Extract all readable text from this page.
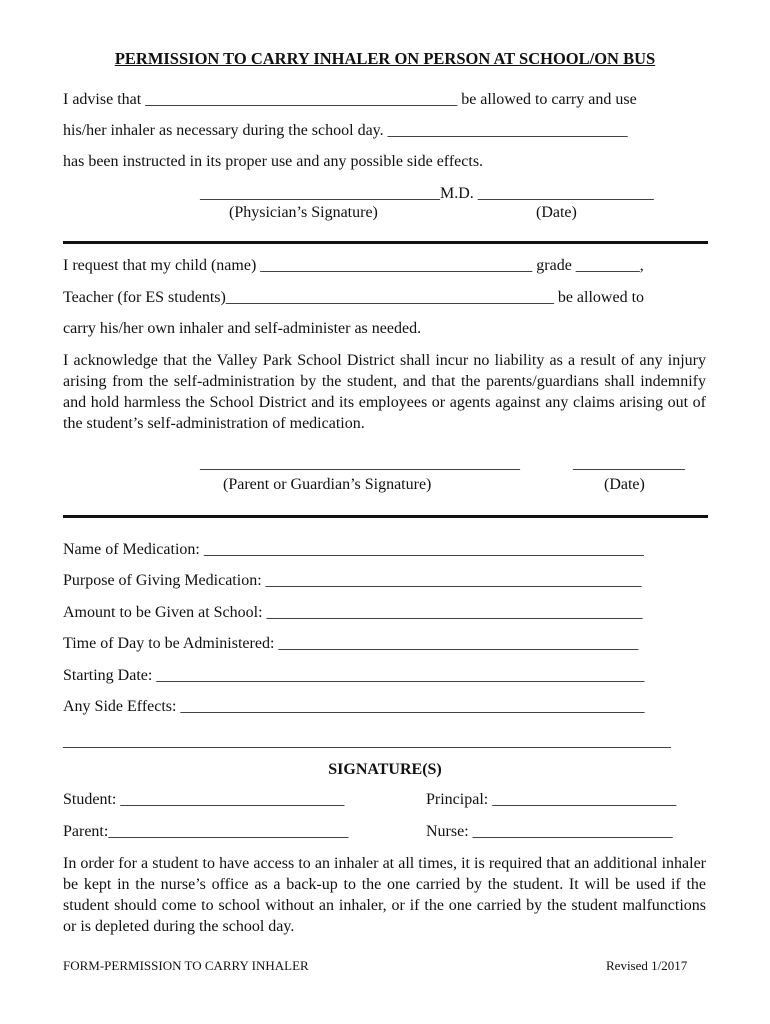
PERMISSION TO CARRY INHALER ON PERSON AT SCHOOL/ON BUS
I advise that _______________________________________ be allowed to carry and use
his/her inhaler as necessary during the school day. ______________________________
has been instructed in its proper use and any possible side effects.
______________________________M.D. ______________________
(Physician’s Signature)	(Date)
I request that my child (name) __________________________________ grade ________,
Teacher (for ES students)_________________________________________ be allowed to
carry his/her own inhaler and self-administer as needed.
I acknowledge that the Valley Park School District shall incur no liability as a result of any injury arising from the self-administration by the student, and that the parents/guardians shall indemnify and hold harmless the School District and its employees or agents against any claims arising out of the student’s self-administration of medication.
________________________________________	______________
(Parent or Guardian’s Signature)	(Date)
Name of Medication: _______________________________________________________
Purpose of Giving Medication: _______________________________________________
Amount to be Given at School: _______________________________________________
Time of Day to be Administered: _____________________________________________
Starting Date: _____________________________________________________________
Any Side Effects: __________________________________________________________
____________________________________________________________________________
SIGNATURE(S)
Student: ____________________________	Principal: _______________________
Parent:______________________________	Nurse: _________________________
In order for a student to have access to an inhaler at all times, it is required that an additional inhaler be kept in the nurse’s office as a back-up to the one carried by the student. It will be used if the student should come to school without an inhaler, or if the one carried by the student malfunctions or is depleted during the school day.
FORM-PERMISSION TO CARRY INHALER	Revised 1/2017
